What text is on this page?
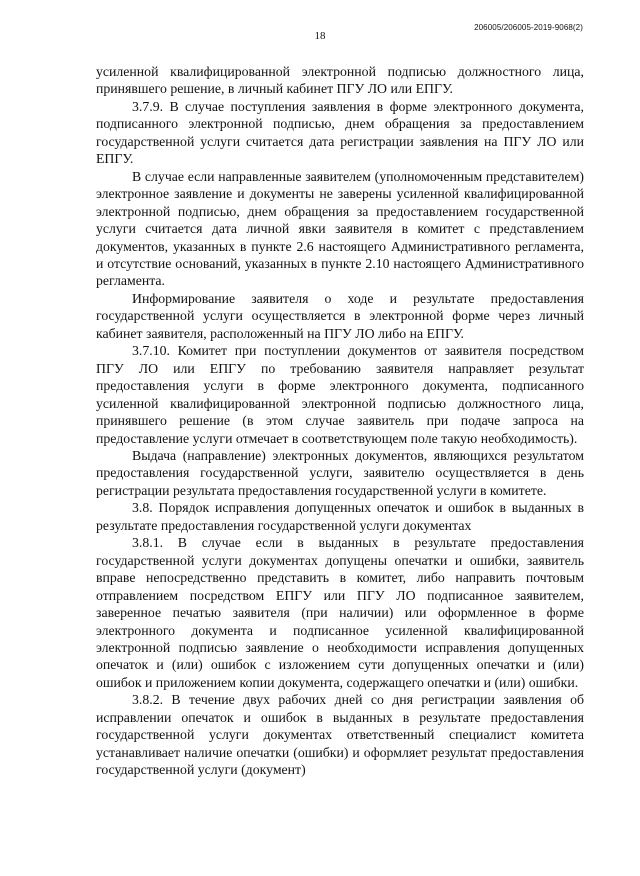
18
206005/206005-2019-9068(2)

усиленной квалифицированной электронной подписью должностного лица, принявшего решение, в личный кабинет ПГУ ЛО или ЕПГУ.

3.7.9. В случае поступления заявления в форме электронного документа, подписанного электронной подписью, днем обращения за предоставлением государственной услуги считается дата регистрации заявления на ПГУ ЛО или ЕПГУ.

В случае если направленные заявителем (уполномоченным представителем) электронное заявление и документы не заверены усиленной квалифицированной электронной подписью, днем обращения за предоставлением государственной услуги считается дата личной явки заявителя в комитет с представлением документов, указанных в пункте 2.6 настоящего Административного регламента, и отсутствие оснований, указанных в пункте 2.10 настоящего Административного регламента.

Информирование заявителя о ходе и результате предоставления государственной услуги осуществляется в электронной форме через личный кабинет заявителя, расположенный на ПГУ ЛО либо на ЕПГУ.

3.7.10. Комитет при поступлении документов от заявителя посредством ПГУ ЛО или ЕПГУ по требованию заявителя направляет результат предоставления услуги в форме электронного документа, подписанного усиленной квалифицированной электронной подписью должностного лица, принявшего решение (в этом случае заявитель при подаче запроса на предоставление услуги отмечает в соответствующем поле такую необходимость).

Выдача (направление) электронных документов, являющихся результатом предоставления государственной услуги, заявителю осуществляется в день регистрации результата предоставления государственной услуги в комитете.

3.8. Порядок исправления допущенных опечаток и ошибок в выданных в результате предоставления государственной услуги документах

3.8.1. В случае если в выданных в результате предоставления государственной услуги документах допущены опечатки и ошибки, заявитель вправе непосредственно представить в комитет, либо направить почтовым отправлением посредством ЕПГУ или ПГУ ЛО подписанное заявителем, заверенное печатью заявителя (при наличии) или оформленное в форме электронного документа и подписанное усиленной квалифицированной электронной подписью заявление о необходимости исправления допущенных опечаток и (или) ошибок с изложением сути допущенных опечатки и (или) ошибок и приложением копии документа, содержащего опечатки и (или) ошибки.

3.8.2. В течение двух рабочих дней со дня регистрации заявления об исправлении опечаток и ошибок в выданных в результате предоставления государственной услуги документах ответственный специалист комитета устанавливает наличие опечатки (ошибки) и оформляет результат предоставления государственной услуги (документ)
